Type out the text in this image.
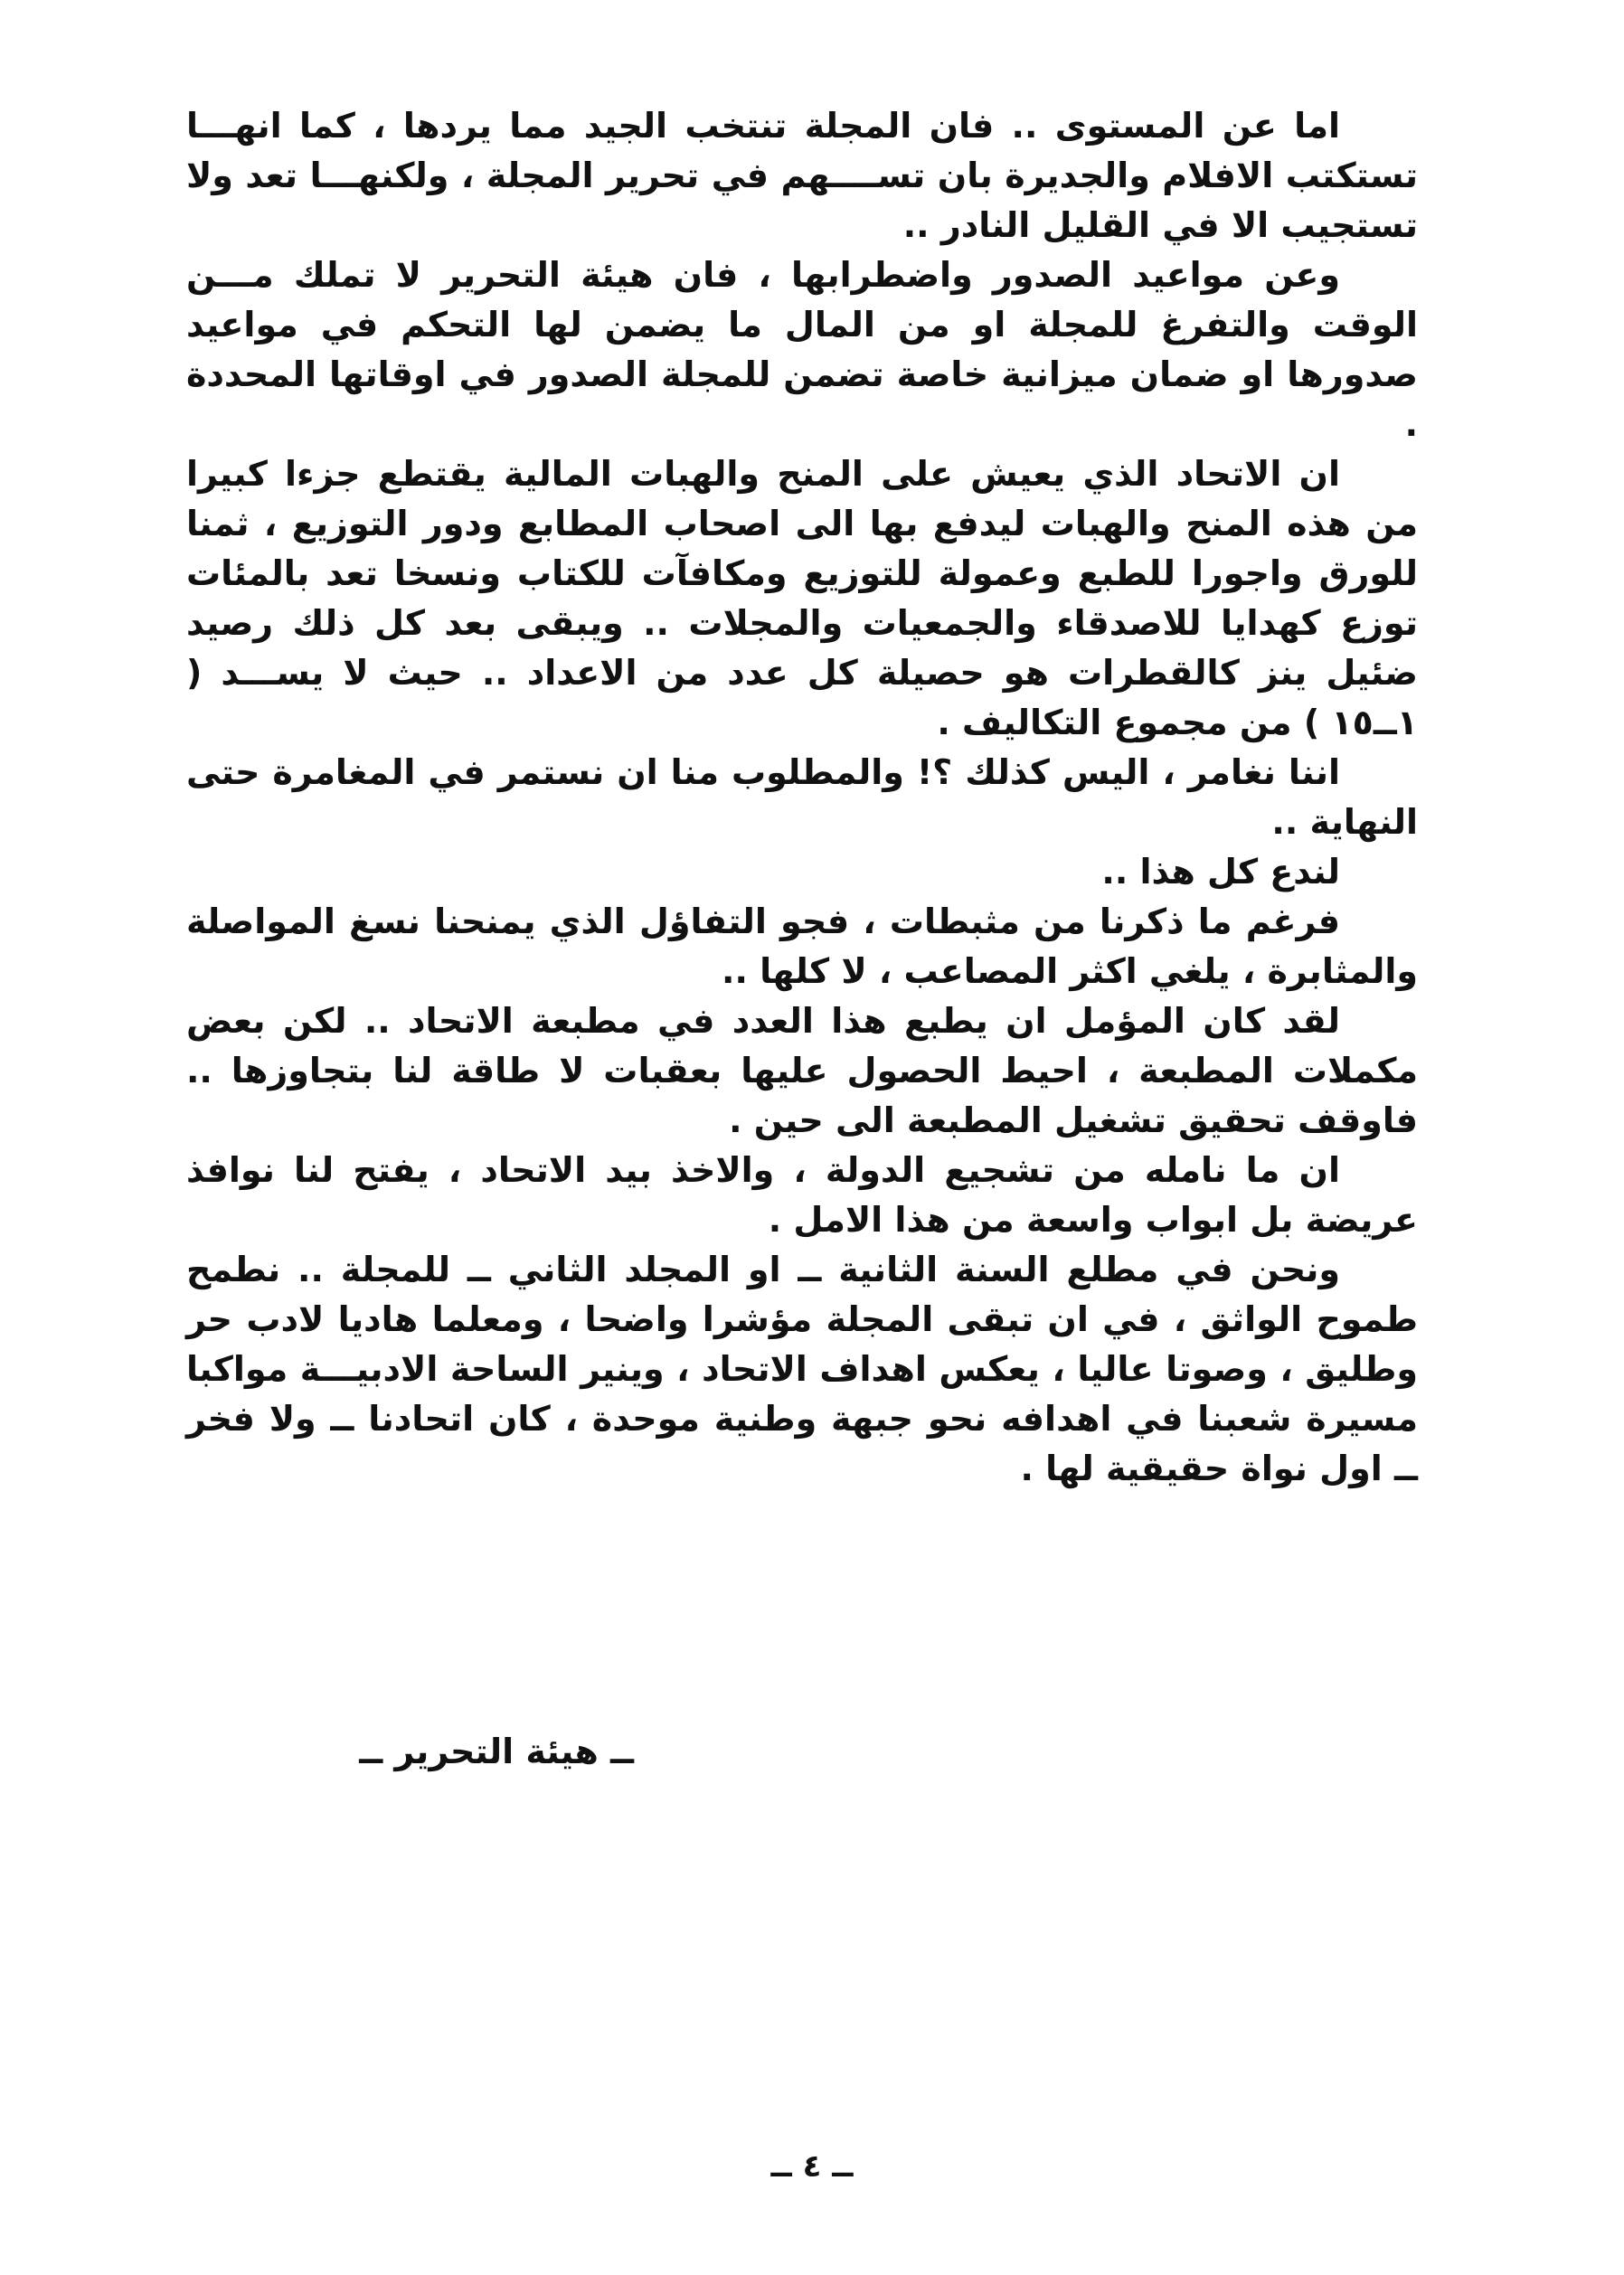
اما عن المستوى .. فان المجلة تنتخب الجيد مما يردها ، كما انهـــا تستكتب الافلام والجديرة بان تســــهم في تحرير المجلة ، ولكنهـــا تعد ولا تستجيب الا في القليل النادر ..

وعن مواعيد الصدور واضطرابها ، فان هيئة التحرير لا تملك مـــن الوقت والتفرغ للمجلة او من المال ما يضمن لها التحكم في مواعيد صدورها او ضمان ميزانية خاصة تضمن للمجلة الصدور في اوقاتها المحددة .

ان الاتحاد الذي يعيش على المنح والهبات المالية يقتطع جزءا كبيرا من هذه المنح والهبات ليدفع بها الى اصحاب المطابع ودور التوزيع ، ثمنا للورق واجورا للطبع وعمولة للتوزيع ومكافآت للكتاب ونسخا تعد بالمئات توزع كهدايا للاصدقاء والجمعيات والمجلات .. ويبقى بعد كل ذلك رصيد ضئيل ينز كالقطرات هو حصيلة كل عدد من الاعداد .. حيث لا يســـد ( ١ــ١٥ ) من مجموع التكاليف .

اننا نغامر ، اليس كذلك ؟! والمطلوب منا ان نستمر في المغامرة حتى النهاية ..

لندع كل هذا ..

فرغم ما ذكرنا من مثبطات ، فجو التفاؤل الذي يمنحنا نسغ المواصلة والمثابرة ، يلغي اكثر المصاعب ، لا كلها ..

لقد كان المؤمل ان يطبع هذا العدد في مطبعة الاتحاد .. لكن بعض مكملات المطبعة ، احيط الحصول عليها بعقبات لا طاقة لنا بتجاوزها .. فاوقف تحقيق تشغيل المطبعة الى حين .

ان ما نامله من تشجيع الدولة ، والاخذ بيد الاتحاد ، يفتح لنا نوافذ عريضة بل ابواب واسعة من هذا الامل .

ونحن في مطلع السنة الثانية ــ او المجلد الثاني ــ للمجلة .. نطمح طموح الواثق ، في ان تبقى المجلة مؤشرا واضحا ، ومعلما هاديا لادب حر وطليق ، وصوتا عاليا ، يعكس اهداف الاتحاد ، وينير الساحة الادبيـــة مواكبا مسيرة شعبنا في اهدافه نحو جبهة وطنية موحدة ، كان اتحادنا ــ ولا فخر ــ اول نواة حقيقية لها .

ــ هيئة التحرير ــ
ــ ٤ ــ
